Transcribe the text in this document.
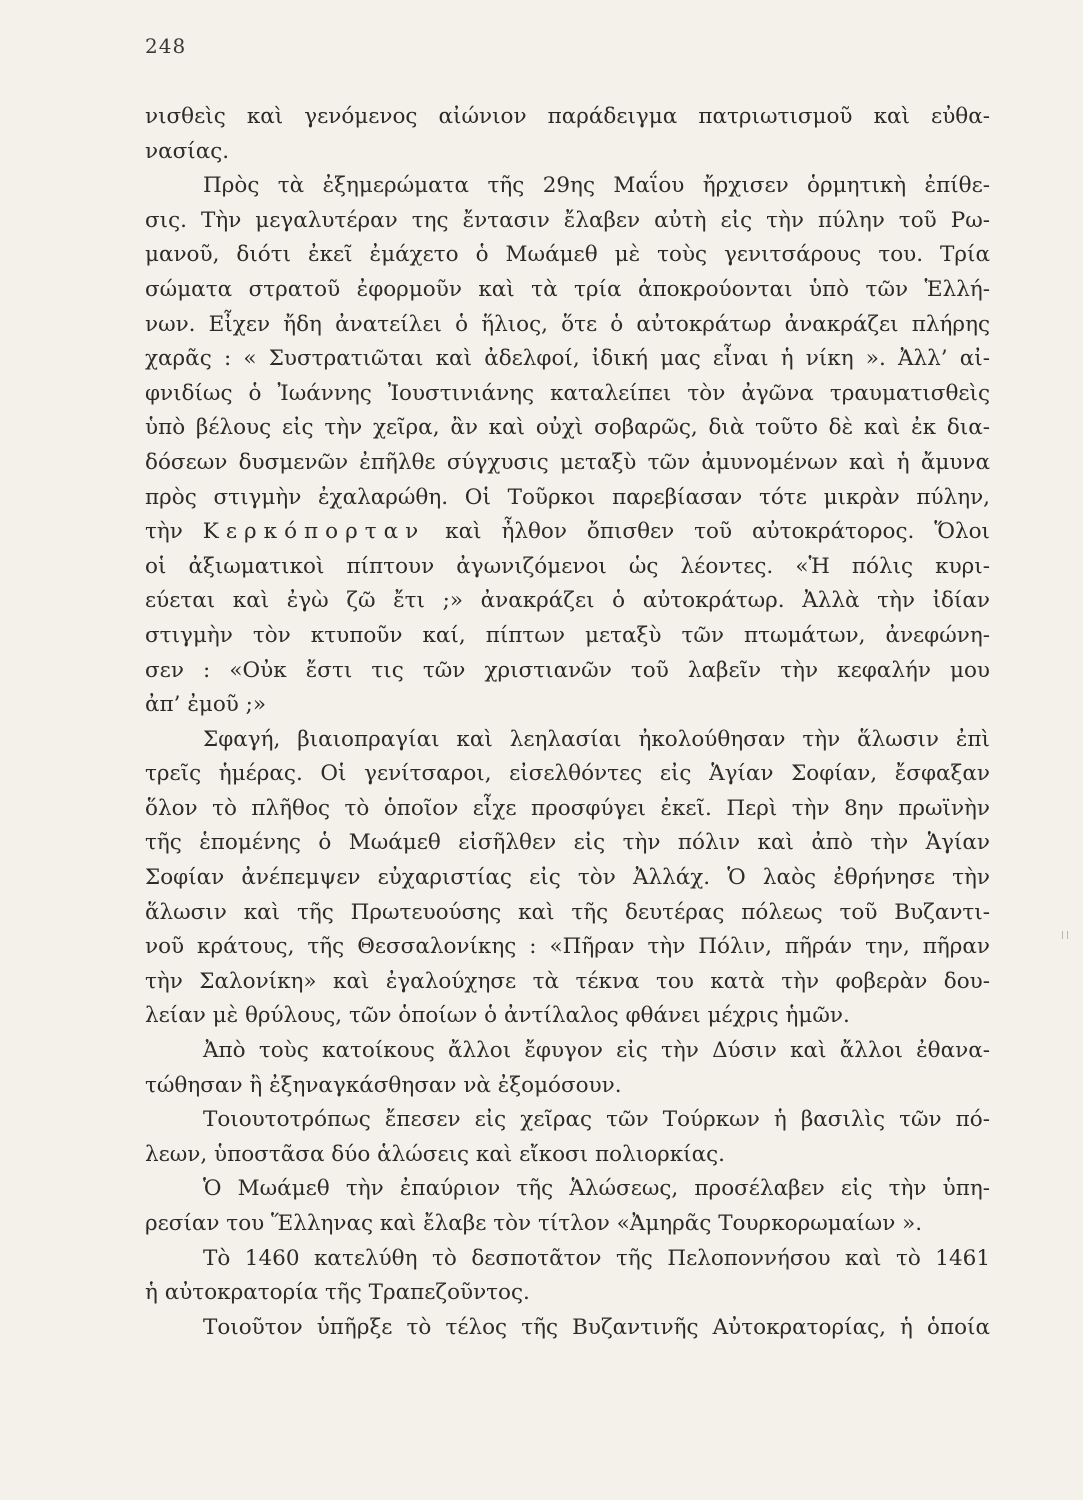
248
νισθεὶς καὶ γενόμενος αἰώνιον παράδειγμα πατριωτισμοῦ καὶ εὐθα-
νασίας.
Πρὸς τὰ ἐξημερώματα τῆς 29ης Μαΐου ἤρχισεν ὁρμητικὴ ἐπίθε-
σις. Τὴν μεγαλυτέραν της ἔντασιν ἔλαβεν αὐτὴ εἰς τὴν πύλην τοῦ Ρω-
μανοῦ, διότι ἐκεῖ ἐμάχετο ὁ Μωάμεθ μὲ τοὺς γενιτσάρους του. Τρία
σώματα στρατοῦ ἐφορμοῦν καὶ τὰ τρία ἀποκρούονται ὑπὸ τῶν Ἑλλή-
νων. Εἶχεν ἤδη ἀνατείλει ὁ ἥλιος, ὅτε ὁ αὐτοκράτωρ ἀνακράζει πλήρης
χαρᾶς : « Συστρατιῶται καὶ ἀδελφοί, ἰδική μας εἶναι ἡ νίκη ». Ἀλλ’ αἰ-
φνιδίως ὁ Ἰωάννης Ἰουστινιάνης καταλείπει τὸν ἀγῶνα τραυματισθεὶς
ὑπὸ βέλους εἰς τὴν χεῖρα, ἂν καὶ οὐχὶ σοβαρῶς, διὰ τοῦτο δὲ καὶ ἐκ δια-
δόσεων δυσμενῶν ἐπῆλθε σύγχυσις μεταξὺ τῶν ἀμυνομένων καὶ ἡ ἄμυνα
πρὸς στιγμὴν ἐχαλαρώθη. Οἱ Τοῦρκοι παρεβίασαν τότε μικρὰν πύλην,
τὴν Κερκόπορταν καὶ ἦλθον ὄπισθεν τοῦ αὐτοκράτορος. Ὅλοι
οἱ ἀξιωματικοὶ πίπτουν ἀγωνιζόμενοι ὡς λέοντες. «Ἡ πόλις κυρι-
εύεται καὶ ἐγὼ ζῶ ἔτι ;» ἀνακράζει ὁ αὐτοκράτωρ. Ἀλλὰ τὴν ἰδίαν
στιγμὴν τὸν κτυποῦν καί, πίπτων μεταξὺ τῶν πτωμάτων, ἀνεφώνη-
σεν : «Οὐκ ἔστι τις τῶν χριστιανῶν τοῦ λαβεῖν τὴν κεφαλήν μου
ἀπ’ ἐμοῦ ;»
Σφαγή, βιαιοπραγίαι καὶ λεηλασίαι ἠκολούθησαν τὴν ἅλωσιν ἐπὶ
τρεῖς ἡμέρας. Οἱ γενίτσαροι, εἰσελθόντες εἰς Ἁγίαν Σοφίαν, ἔσφαξαν
ὅλον τὸ πλῆθος τὸ ὁποῖον εἶχε προσφύγει ἐκεῖ. Περὶ τὴν 8ην πρωϊνὴν
τῆς ἑπομένης ὁ Μωάμεθ εἰσῆλθεν εἰς τὴν πόλιν καὶ ἀπὸ τὴν Ἁγίαν
Σοφίαν ἀνέπεμψεν εὐχαριστίας εἰς τὸν Ἀλλάχ. Ὁ λαὸς ἐθρήνησε τὴν
ἅλωσιν καὶ τῆς Πρωτευούσης καὶ τῆς δευτέρας πόλεως τοῦ Βυζαντι-
νοῦ κράτους, τῆς Θεσσαλονίκης : «Πῆραν τὴν Πόλιν, πῆράν την, πῆραν
τὴν Σαλονίκη» καὶ ἐγαλούχησε τὰ τέκνα του κατὰ τὴν φοβερὰν δου-
λείαν μὲ θρύλους, τῶν ὁποίων ὁ ἀντίλαλος φθάνει μέχρις ἡμῶν.
Ἀπὸ τοὺς κατοίκους ἄλλοι ἔφυγον εἰς τὴν Δύσιν καὶ ἄλλοι ἐθανα-
τώθησαν ἢ ἐξηναγκάσθησαν νὰ ἐξομόσουν.
Τοιουτοτρόπως ἔπεσεν εἰς χεῖρας τῶν Τούρκων ἡ βασιλὶς τῶν πό-
λεων, ὑποστᾶσα δύο ἁλώσεις καὶ εἴκοσι πολιορκίας.
Ὁ Μωάμεθ τὴν ἐπαύριον τῆς Ἁλώσεως, προσέλαβεν εἰς τὴν ὑπη-
ρεσίαν του Ἕλληνας καὶ ἔλαβε τὸν τίτλον «Ἀμηρᾶς Τουρκορωμαίων ».
Τὸ 1460 κατελύθη τὸ δεσποτᾶτον τῆς Πελοποννήσου καὶ τὸ 1461
ἡ αὐτοκρατορία τῆς Τραπεζοῦντος.
Τοιοῦτον ὑπῆρξε τὸ τέλος τῆς Βυζαντινῆς Αὐτοκρατορίας, ἡ ὁποία
